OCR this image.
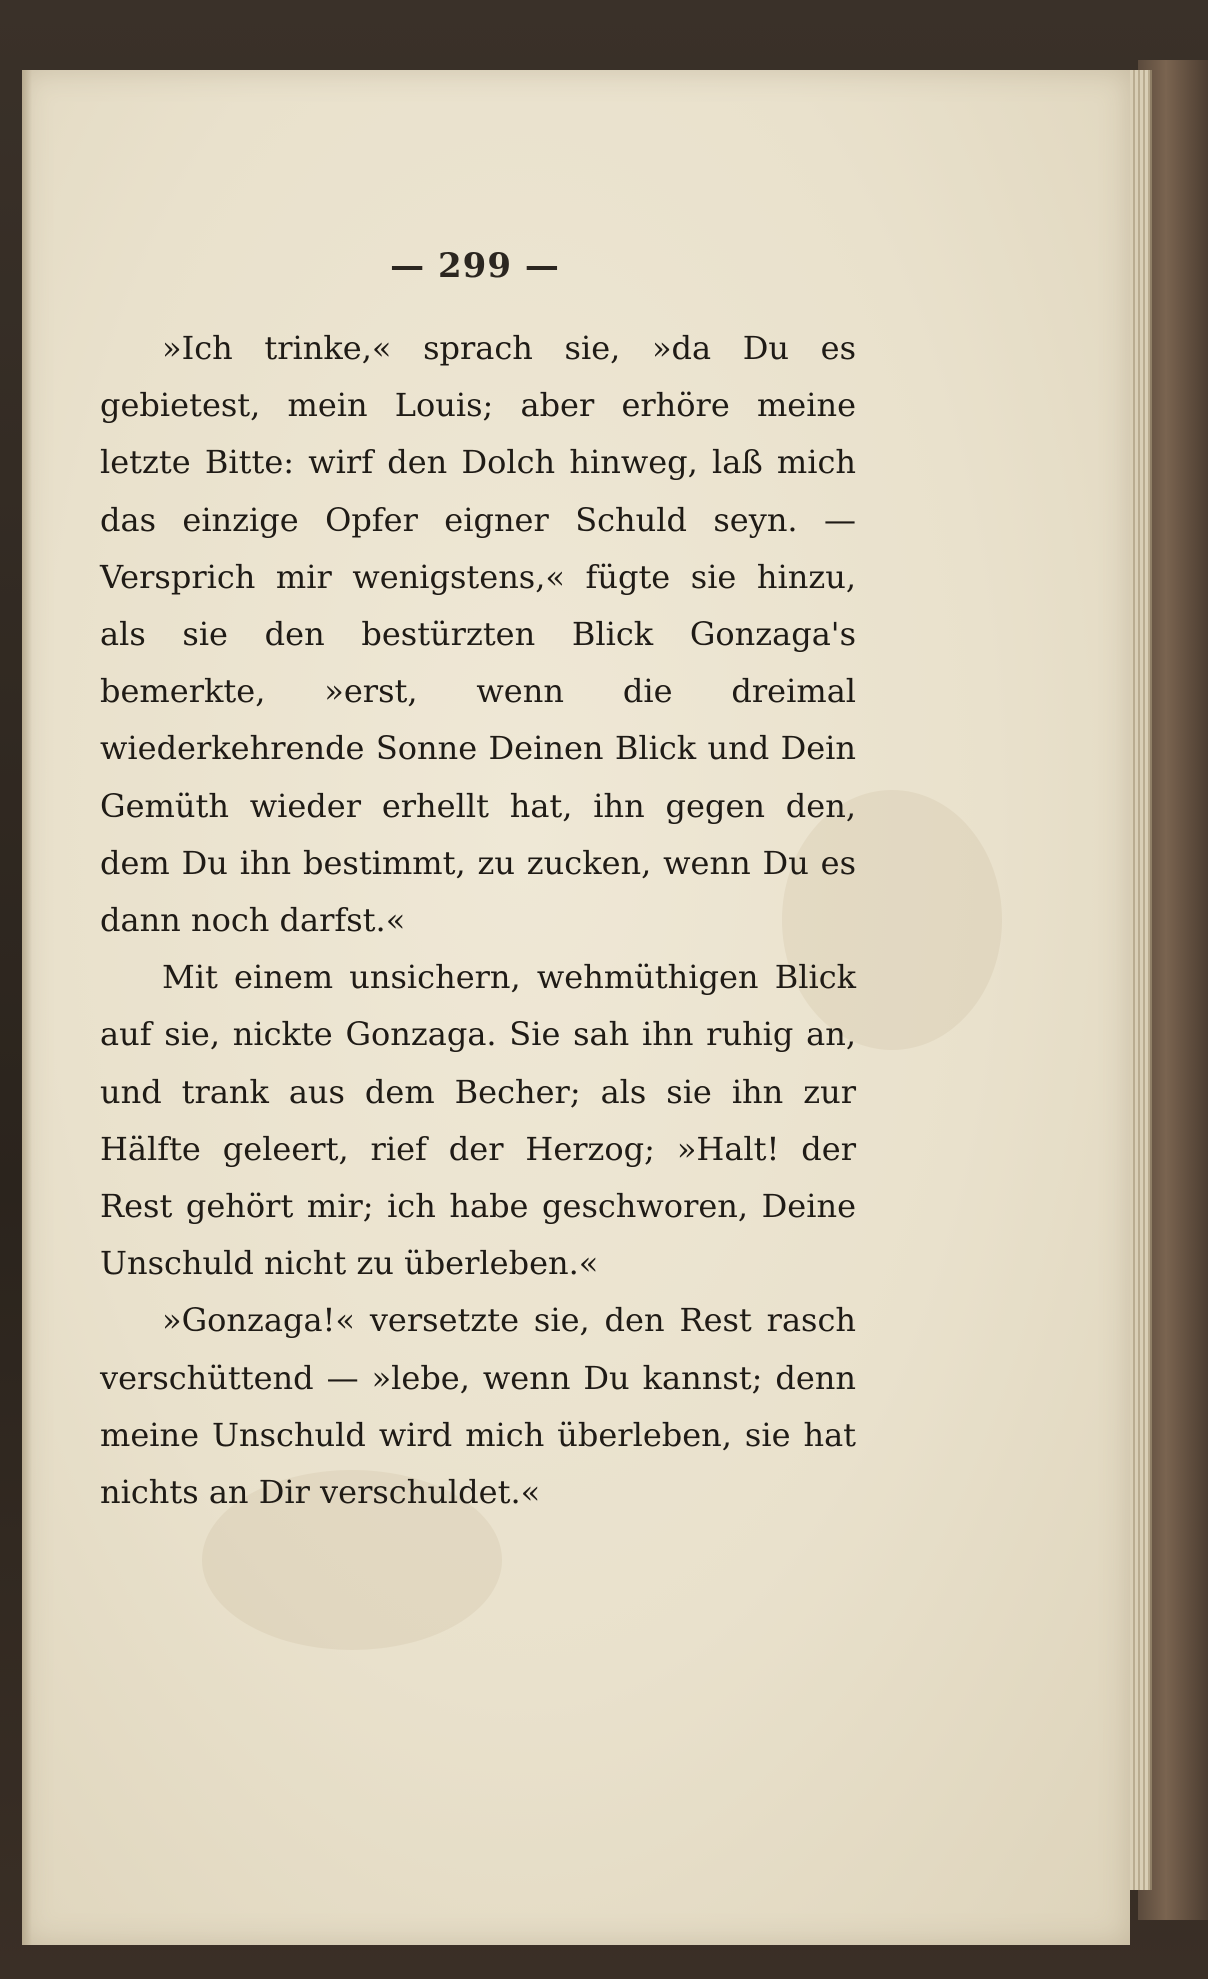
— 299 —

»Ich trinke,« sprach sie, »da Du es gebietest, mein Louis; aber erhöre meine letzte Bitte: wirf den Dolch hinweg, laß mich das einzige Opfer eigner Schuld seyn. — Versprich mir wenigstens,« fügte sie hinzu, als sie den bestürzten Blick Gonzaga's bemerkte, »erst, wenn die dreimal wiederkehrende Sonne Deinen Blick und Dein Gemüth wieder erhellt hat, ihn gegen den, dem Du ihn bestimmt, zu zucken, wenn Du es dann noch darfst.«

Mit einem unsichern, wehmüthigen Blick auf sie, nickte Gonzaga. Sie sah ihn ruhig an, und trank aus dem Becher; als sie ihn zur Hälfte geleert, rief der Herzog; »Halt! der Rest gehört mir; ich habe geschworen, Deine Unschuld nicht zu überleben.«

»Gonzaga!« versetzte sie, den Rest rasch verschüttend — »lebe, wenn Du kannst; denn meine Unschuld wird mich überleben, sie hat nichts an Dir verschuldet.«
